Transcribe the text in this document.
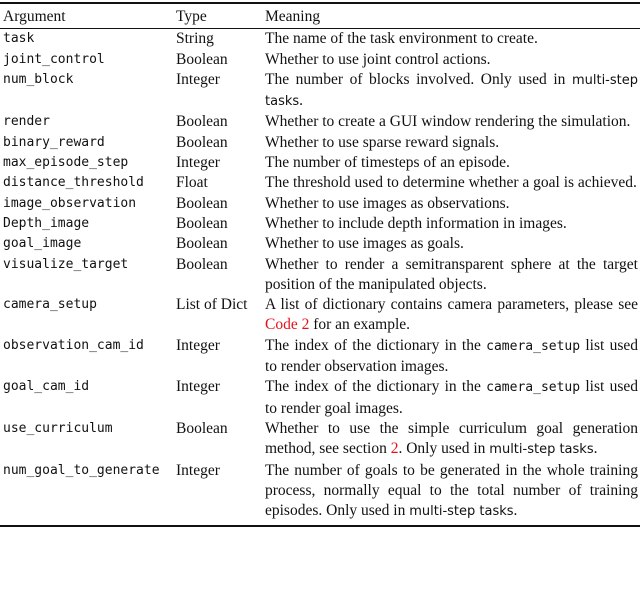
Argument	Type	Meaning

task	String	The name of the task environment to create.
joint_control	Boolean	Whether to use joint control actions.
num_block	Integer	The number of blocks involved. Only used in multi-step tasks.
render	Boolean	Whether to create a GUI window rendering the simulation.
binary_reward	Boolean	Whether to use sparse reward signals.
max_episode_step	Integer	The number of timesteps of an episode.
distance_threshold	Float	The threshold used to determine whether a goal is achieved.
image_observation	Boolean	Whether to use images as observations.
Depth_image	Boolean	Whether to include depth information in images.
goal_image	Boolean	Whether to use images as goals.
visualize_target	Boolean	Whether to render a semitransparent sphere at the target position of the manipulated objects.
camera_setup	List of Dict	A list of dictionary contains camera parameters, please see Code 2 for an example.
observation_cam_id	Integer	The index of the dictionary in the camera_setup list used to render observation images.
goal_cam_id	Integer	The index of the dictionary in the camera_setup list used to render goal images.
use_curriculum	Boolean	Whether to use the simple curriculum goal generation method, see section 2. Only used in multi-step tasks.
num_goal_to_generate	Integer	The number of goals to be generated in the whole training process, normally equal to the total number of training episodes. Only used in multi-step tasks.
